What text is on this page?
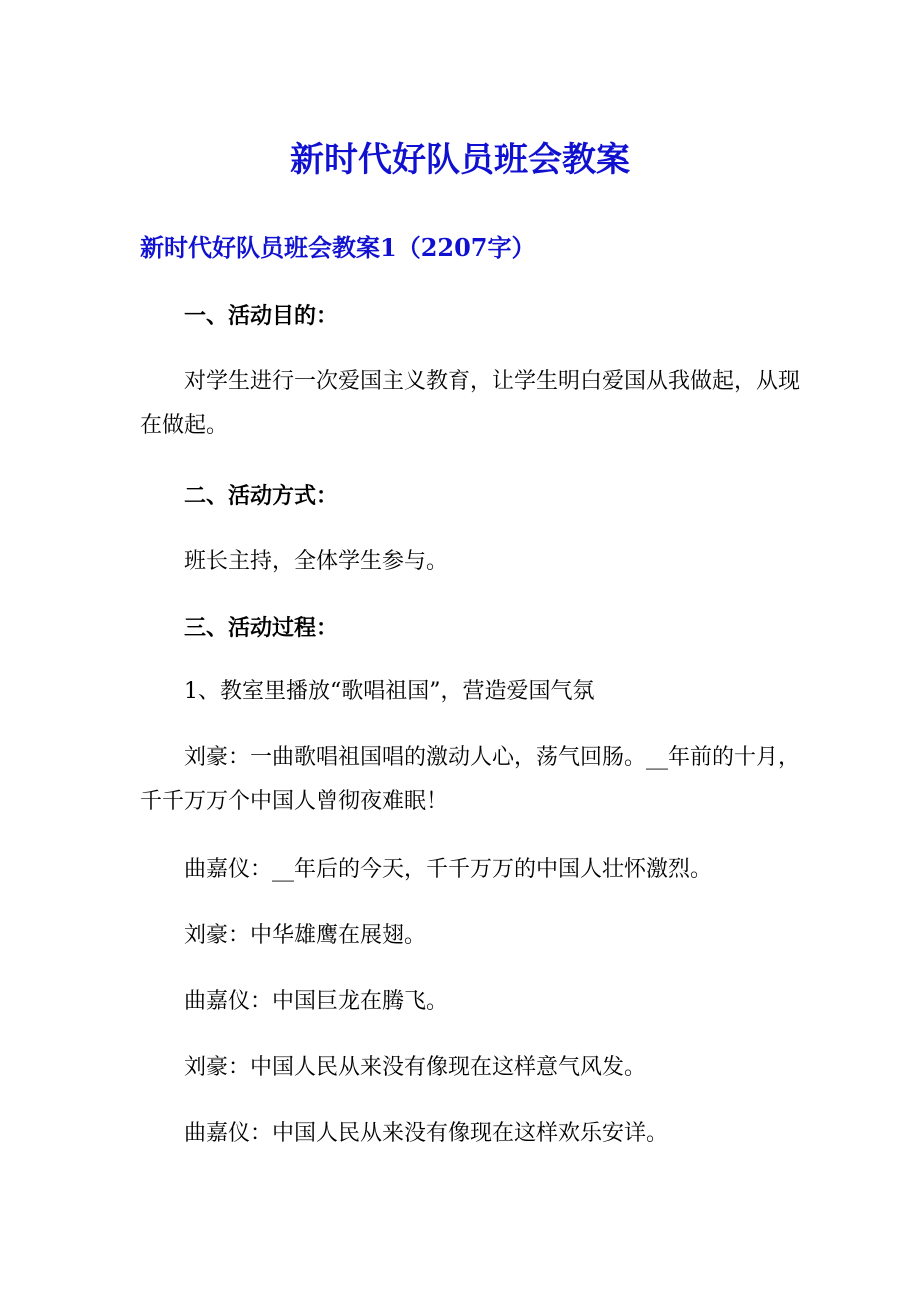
新时代好队员班会教案
新时代好队员班会教案1（2207字）

一、活动目的：

对学生进行一次爱国主义教育，让学生明白爱国从我做起，从现在做起。

二、活动方式：

班长主持，全体学生参与。

三、活动过程：

1、教室里播放“歌唱祖国”，营造爱国气氛

刘豪：一曲歌唱祖国唱的激动人心，荡气回肠。__年前的十月，千千万万个中国人曾彻夜难眠！

曲嘉仪：__年后的今天，千千万万的中国人壮怀激烈。

刘豪：中华雄鹰在展翅。

曲嘉仪：中国巨龙在腾飞。

刘豪：中国人民从来没有像现在这样意气风发。

曲嘉仪：中国人民从来没有像现在这样欢乐安详。
